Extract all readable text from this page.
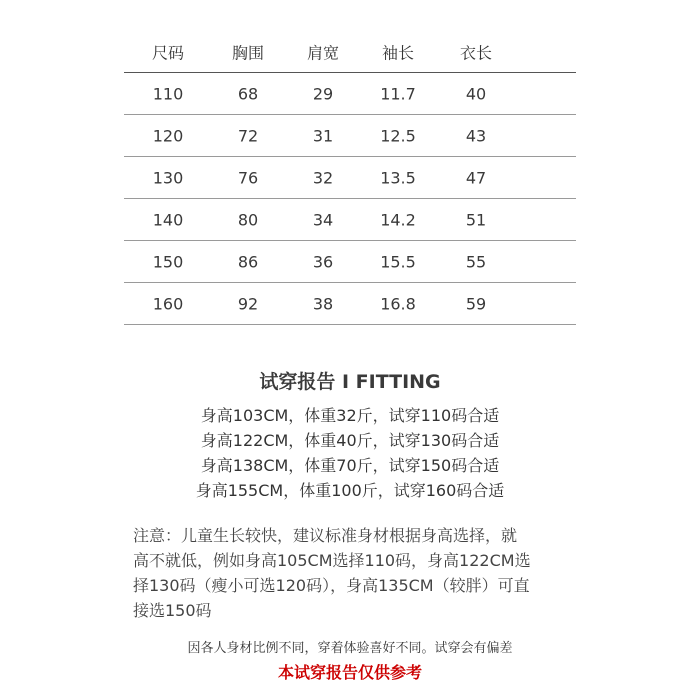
尺码	胸围	肩宽	袖长	衣长
110	68	29	11.7	40
120	72	31	12.5	43
130	76	32	13.5	47
140	80	34	14.2	51
150	86	36	15.5	55
160	92	38	16.8	59
试穿报告 I FITTING
身高103CM，体重32斤，试穿110码合适
身高122CM，体重40斤，试穿130码合适
身高138CM，体重70斤，试穿150码合适
身高155CM，体重100斤，试穿160码合适
注意：儿童生长较快，建议标准身材根据身高选择，就
高不就低，例如身高105CM选择110码，身高122CM选
择130码（瘦小可选120码），身高135CM（较胖）可直
接选150码
因各人身材比例不同，穿着体验喜好不同。试穿会有偏差
本试穿报告仅供参考
